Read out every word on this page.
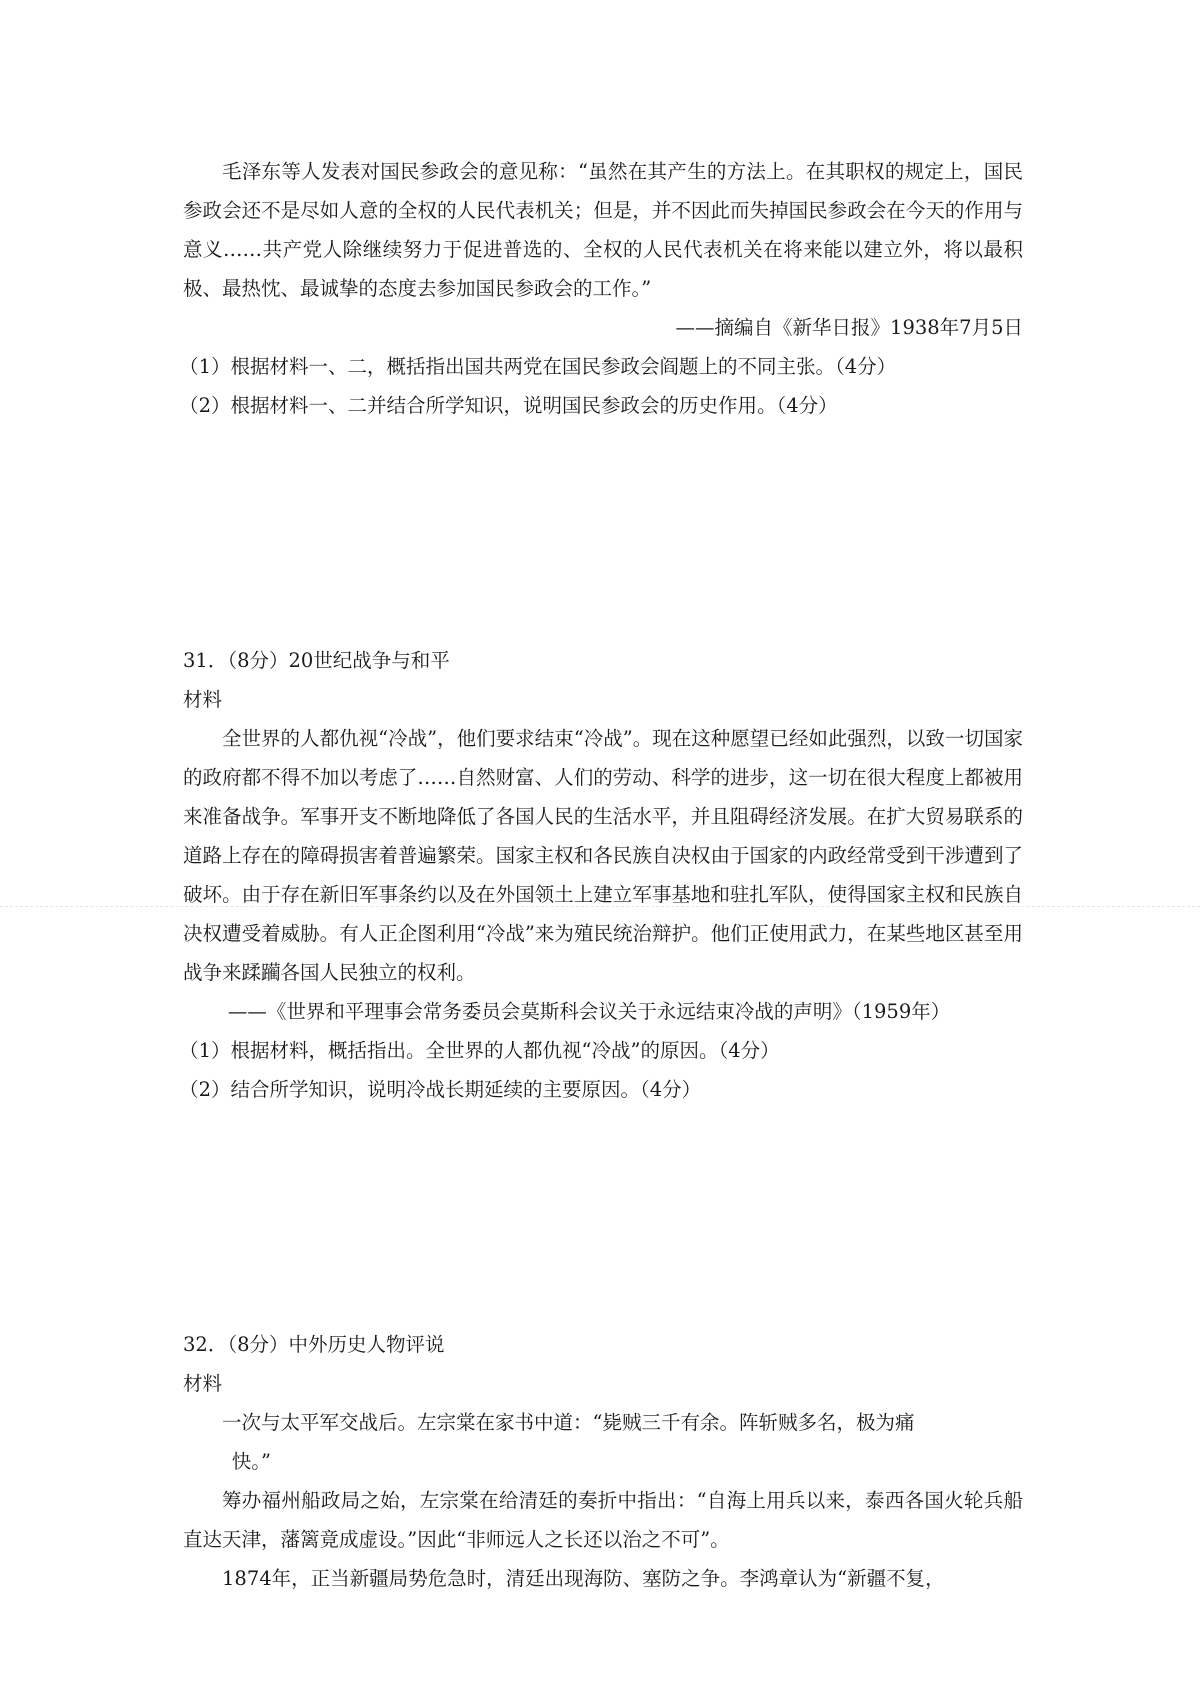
毛泽东等人发表对国民参政会的意见称：“虽然在其产生的方法上。在其职权的规定上，国民参政会还不是尽如人意的全权的人民代表机关；但是，并不因此而失掉国民参政会在今天的作用与意义……共产党人除继续努力于促进普选的、全权的人民代表机关在将来能以建立外，将以最积极、最热忱、最诚挚的态度去参加国民参政会的工作。”

——摘编自《新华日报》1938年7月5日

（1）根据材料一、二，概括指出国共两党在国民参政会阎题上的不同主张。（4分）

（2）根据材料一、二并结合所学知识，说明国民参政会的历史作用。（4分）

31．（8分）20世纪战争与和平

材料

全世界的人都仇视“冷战”，他们要求结束“冷战”。现在这种愿望已经如此强烈，以致一切国家的政府都不得不加以考虑了……自然财富、人们的劳动、科学的进步，这一切在很大程度上都被用来准备战争。军事开支不断地降低了各国人民的生活水平，并且阻碍经济发展。在扩大贸易联系的道路上存在的障碍损害着普遍繁荣。国家主权和各民族自决权由于国家的内政经常受到干涉遭到了破坏。由于存在新旧军事条约以及在外国领土上建立军事基地和驻扎军队，使得国家主权和民族自决权遭受着威胁。有人正企图利用“冷战”来为殖民统治辩护。他们正使用武力，在某些地区甚至用战争来蹂躏各国人民独立的权利。

——《世界和平理事会常务委员会莫斯科会议关于永远结束冷战的声明》（1959年）

（1）根据材料，概括指出。全世界的人都仇视“冷战”的原因。（4分）

（2）结合所学知识，说明冷战长期延续的主要原因。（4分）

32．（8分）中外历史人物评说

材料

一次与太平军交战后。左宗棠在家书中道：“毙贼三千有余。阵斩贼多名，极为痛

快。”

筹办福州船政局之始，左宗棠在给清廷的奏折中指出：“自海上用兵以来，泰西各国火轮兵船直达天津，藩篱竟成虚设。”因此“非师远人之长还以治之不可”。

1874年，正当新疆局势危急时，清廷出现海防、塞防之争。李鸿章认为“新疆不复，
